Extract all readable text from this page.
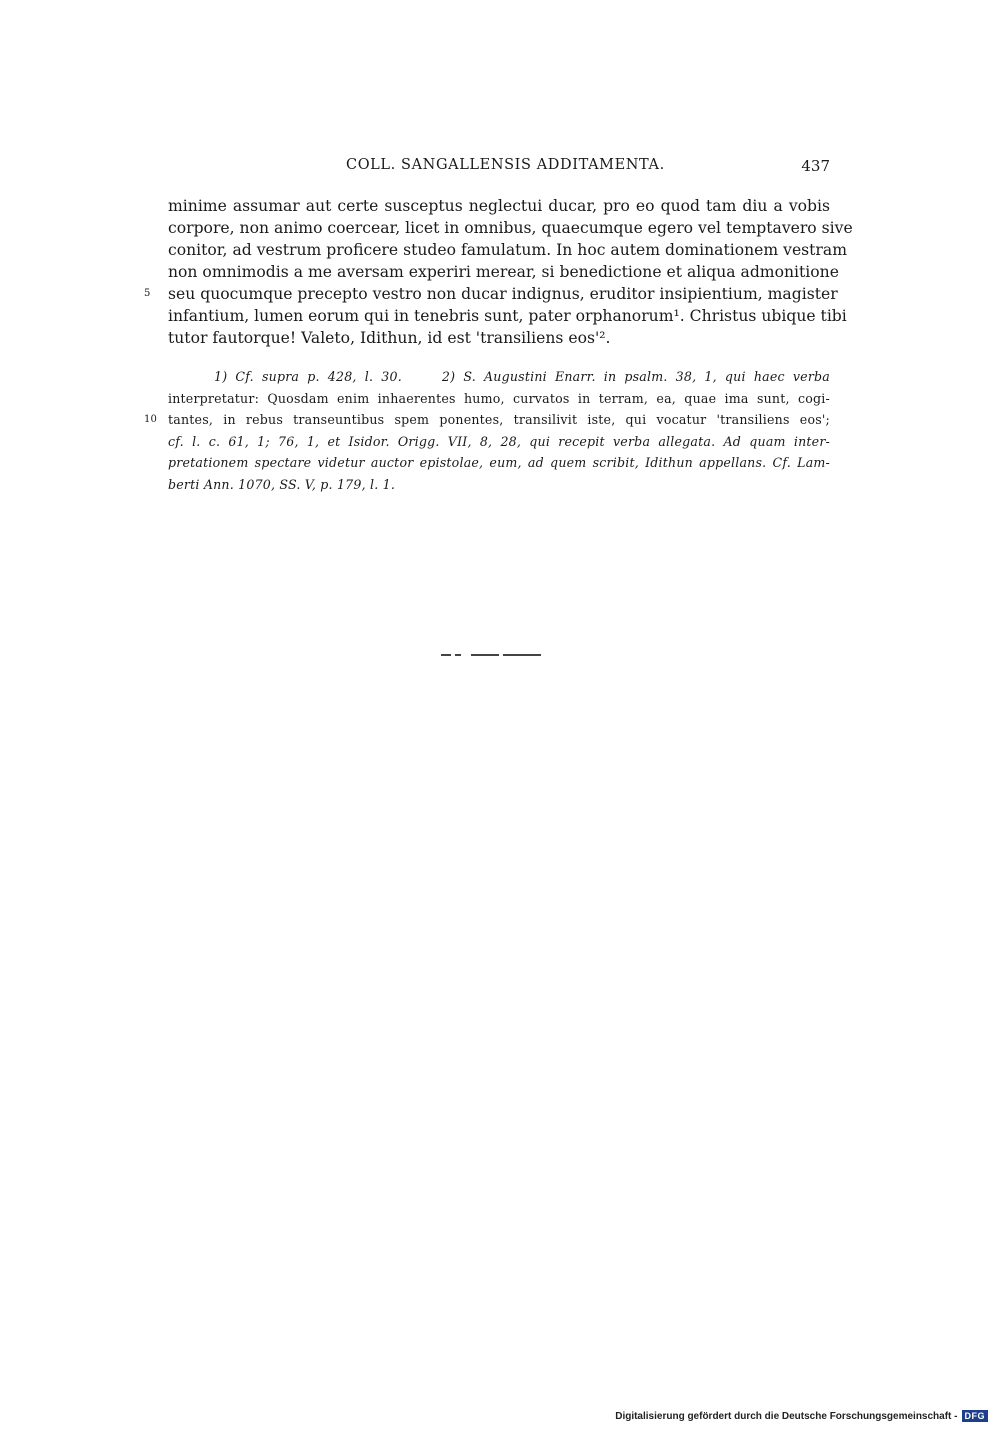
COLL. SANGALLENSIS ADDITAMENTA.	437
minime assumar aut certe susceptus neglectui ducar, pro eo quod tam diu a vobis
corpore, non animo coercear, licet in omnibus, quaecumque egero vel temptavero sive
conitor, ad vestrum proficere studeo famulatum. In hoc autem dominationem vestram
non omnimodis a me aversam experiri merear, si benedictione et aliqua admonitione
5	seu quocumque precepto vestro non ducar indignus, eruditor insipientium, magister
infantium, lumen eorum qui in tenebris sunt, pater orphanorum¹. Christus ubique tibi
tutor fautorque! Valeto, Idithun, id est 'transiliens eos'².
1) Cf. supra p. 428, l. 30.	2) S. Augustini Enarr. in psalm. 38, 1, qui haec verba
interpretatur: Quosdam enim inhaerentes humo, curvatos in terram, ea, quae ima sunt, cogi-
10 tantes, in rebus transeuntibus spem ponentes, transilivit iste, qui vocatur 'transiliens eos';
cf. l. c. 61, 1; 76, 1, et Isidor. Origg. VII, 8, 28, qui recepit verba allegata. Ad quam inter-
pretationem spectare videtur auctor epistolae, eum, ad quem scribit, Idithun appellans. Cf. Lam-
berti Ann. 1070, SS. V, p. 179, l. 1.
Digitalisierung gefördert durch die Deutsche Forschungsgemeinschaft - DFG
